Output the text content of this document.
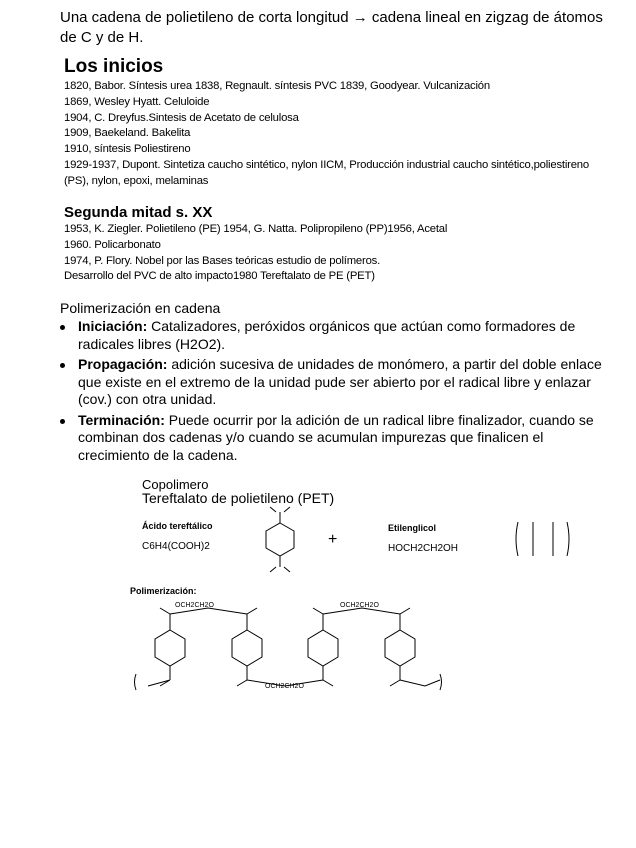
Una cadena de polietileno de corta longitud → cadena lineal en zigzag de átomos de C y de H.
Los inicios
1820, Babor. Síntesis urea 1838, Regnault. síntesis PVC 1839, Goodyear. Vulcanización
1869, Wesley Hyatt. Celuloide
1904, C. Dreyfus.Sintesis de Acetato de celulosa
1909, Baekeland. Bakelita
1910, síntesis Poliestireno
1929-1937, Dupont. Sintetiza caucho sintético, nylon IICM, Producción industrial caucho sintético,poliestireno (PS), nylon, epoxi, melaminas
Segunda mitad s. XX
1953, K. Ziegler. Polietileno (PE) 1954, G. Natta. Polipropileno (PP)1956, Acetal
1960. Policarbonato
1974, P. Flory. Nobel por las Bases teóricas estudio de polímeros.
Desarrollo del PVC de alto impacto1980 Tereftalato de PE (PET)
Polimerización en cadena
Iniciación: Catalizadores, peróxidos orgánicos que actúan como formadores de radicales libres (H2O2).
Propagación: adición sucesiva de unidades de monómero, a partir del doble enlace que existe en el extremo de la unidad pude ser abierto por el radical libre y enlazar (cov.) con otra unidad.
Terminación: Puede ocurrir por la adición de un radical libre finalizador, cuando se combinan dos cadenas y/o cuando se acumulan impurezas que finalicen el crecimiento de la cadena.
Copolimero
Tereftalato de polietileno (PET)
Ácido tereftálico
C6H4(COOH)2	+
Etilenglicol
HOCH2CH2OH
Polimerización:
OCH2CH2O	OCH2CH2O
OCH2CH2O
